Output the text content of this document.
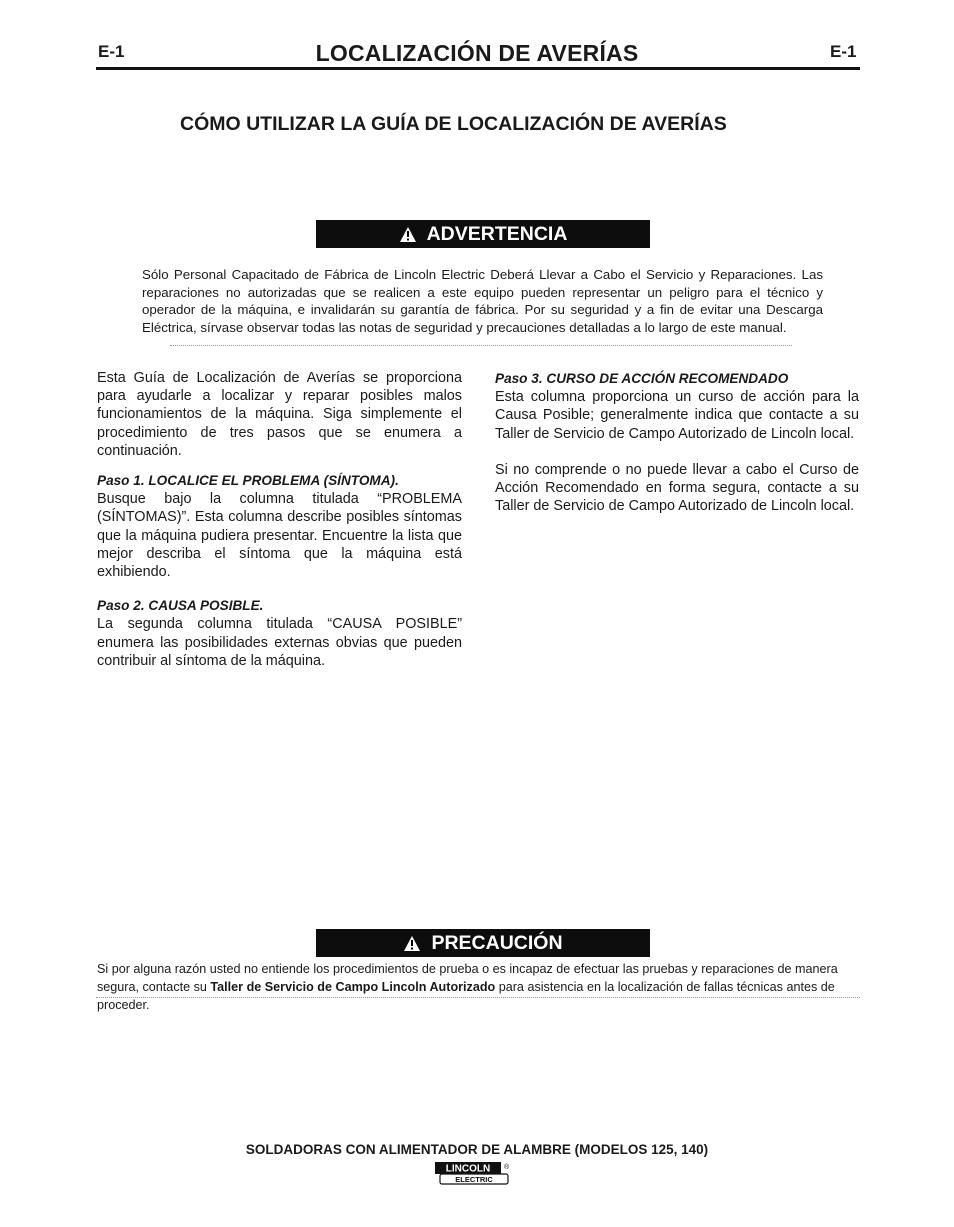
E-1	E-1
LOCALIZACIÓN DE AVERÍAS
CÓMO UTILIZAR LA GUÍA DE LOCALIZACIÓN DE AVERÍAS
ADVERTENCIA
Sólo Personal Capacitado de Fábrica de Lincoln Electric Deberá Llevar a Cabo el Servicio y Reparaciones. Las reparaciones no autorizadas que se realicen a este equipo pueden representar un peligro para el técnico y operador de la máquina, e invalidarán su garantía de fábrica. Por su seguridad y a fin de evitar una Descarga Eléctrica, sírvase observar todas las notas de seguridad y precauciones detalladas a lo largo de este manual.

Esta Guía de Localización de Averías se proporciona para ayudarle a localizar y reparar posibles malos funcionamientos de la máquina. Siga simplemente el procedimiento de tres pasos que se enumera a continuación.

Paso 1. LOCALICE EL PROBLEMA (SÍNTOMA).

Busque bajo la columna titulada “PROBLEMA (SÍNTOMAS)”. Esta columna describe posibles síntomas que la máquina pudiera presentar. Encuentre la lista que mejor describa el síntoma que la máquina está exhibiendo.

Paso 2. CAUSA POSIBLE.

La segunda columna titulada “CAUSA POSIBLE” enumera las posibilidades externas obvias que pueden contribuir al síntoma de la máquina.

Paso 3. CURSO DE ACCIÓN RECOMENDADO

Esta columna proporciona un curso de acción para la Causa Posible; generalmente indica que contacte a su Taller de Servicio de Campo Autorizado de Lincoln local.

Si no comprende o no puede llevar a cabo el Curso de Acción Recomendado en forma segura, contacte a su Taller de Servicio de Campo Autorizado de Lincoln local.

PRECAUCIÓN
Si por alguna razón usted no entiende los procedimientos de prueba o es incapaz de efectuar las pruebas y reparaciones de manera segura, contacte su Taller de Servicio de Campo Lincoln Autorizado para asistencia en la localización de fallas técnicas antes de proceder.
SOLDADORAS CON ALIMENTADOR DE ALAMBRE (MODELOS 125, 140)
LINCOLN ®
ELECTRIC
